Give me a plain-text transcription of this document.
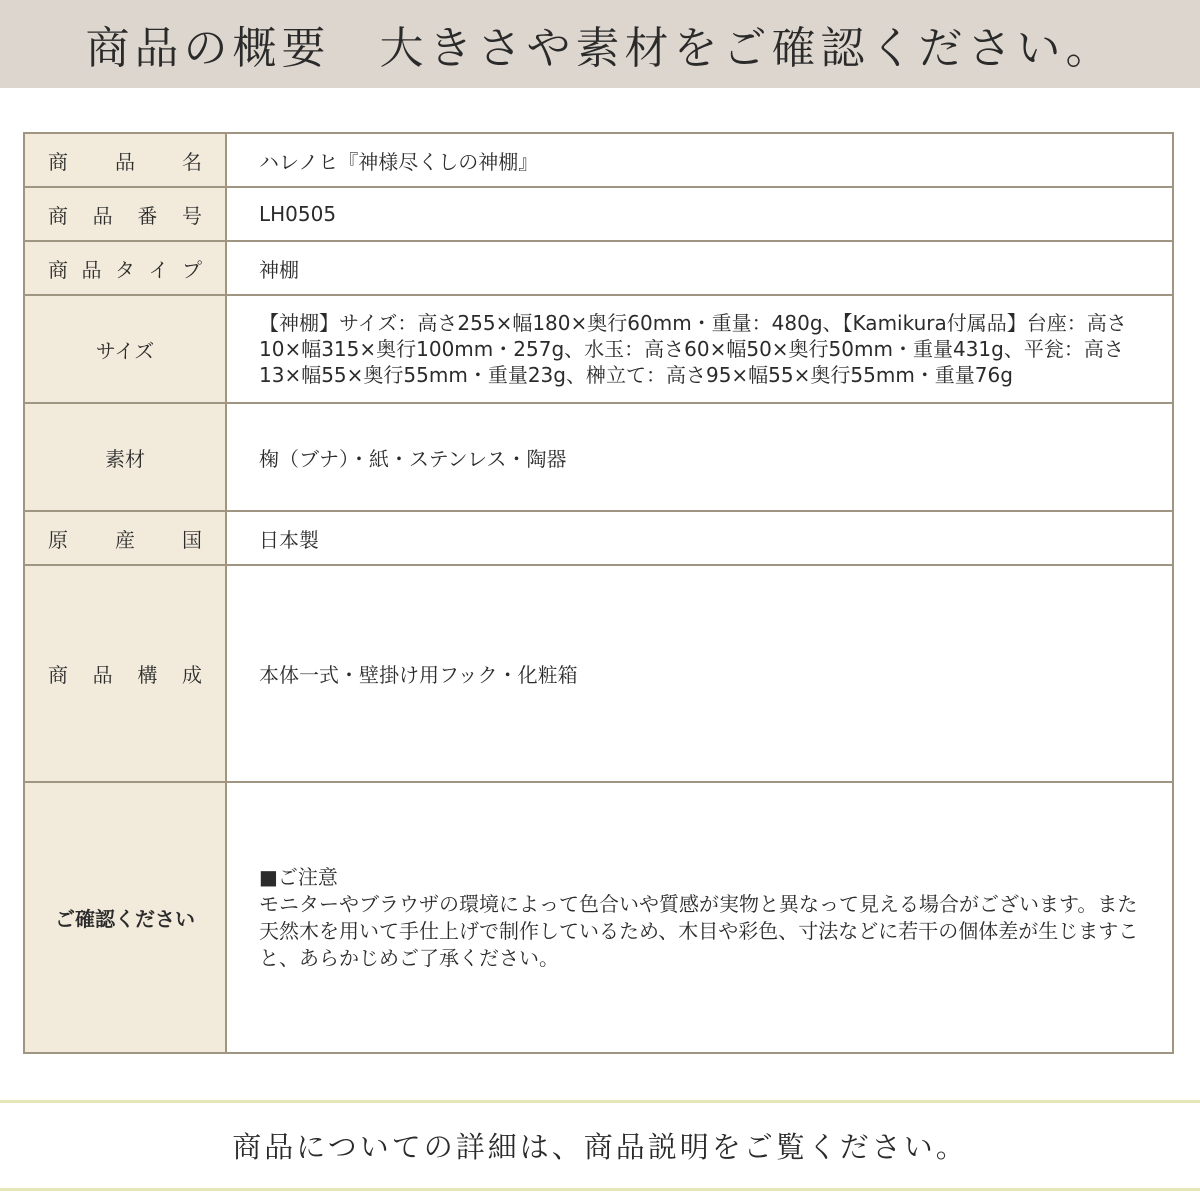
商品の概要　大きさや素材をご確認ください。
商 品 名	ハレノヒ『神様尽くしの神棚』

商 品 番 号	LH0505

商 品 タ イ プ	神棚
サイズ	【神棚】サイズ：高さ255×幅180×奥行60mm・重量：480g、【Kamikura付属品】台座：高さ10×幅315×奥行100mm・257g、水玉：高さ60×幅50×奥行50mm・重量431g、平瓮：高さ13×幅55×奥行55mm・重量23g、榊立て：高さ95×幅55×奥行55mm・重量76g
素材	椈（ブナ）・紙・ステンレス・陶器

原 産 国	日本製

商 品 構 成	本体一式・壁掛け用フック・化粧箱
ご確認ください	■ご注意
モニターやブラウザの環境によって色合いや質感が実物と異なって見える場合がございます。また天然木を用いて手仕上げで制作しているため、木目や彩色、寸法などに若干の個体差が生じますこと、あらかじめご了承ください。
商品についての詳細は、商品説明をご覧ください。
